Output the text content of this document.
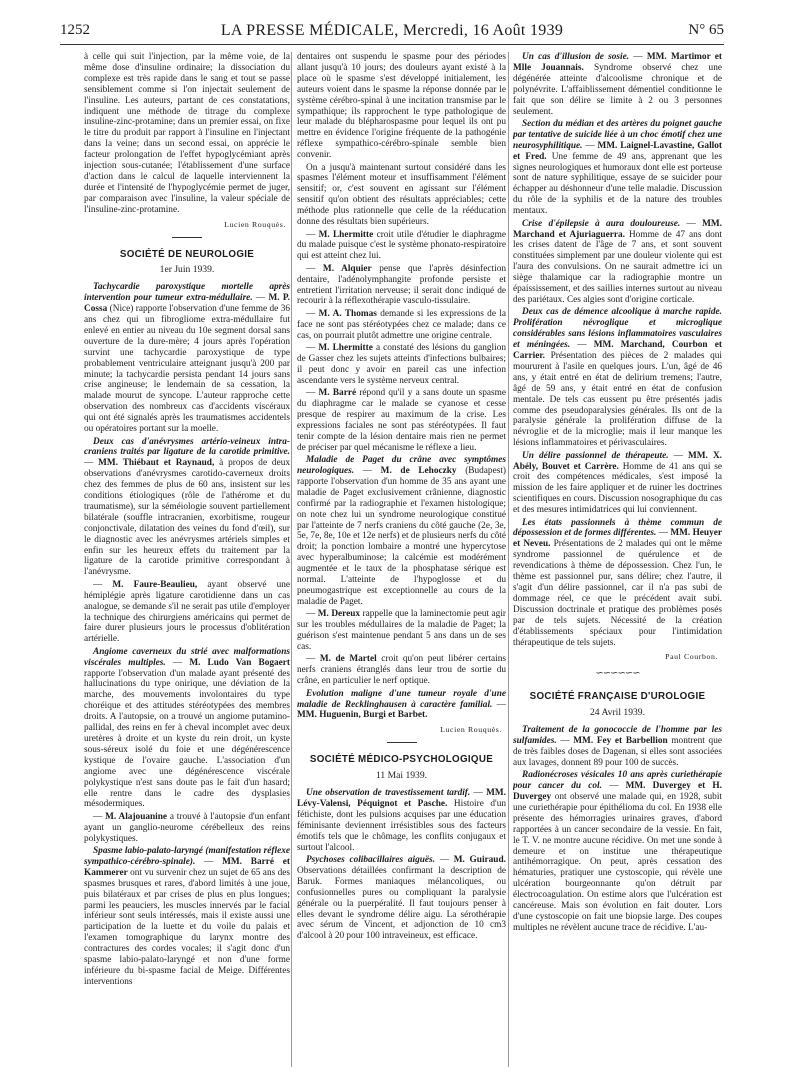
1252	LA PRESSE MÉDICALE, Mercredi, 16 Août 1939	N° 65

à celle qui suit l'injection, par la même voie, de la même dose d'insuline ordinaire; la dissociation du complexe est très rapide dans le sang et tout se passe sensiblement comme si l'on injectait seulement de l'insuline. Les auteurs, partant de ces constatations, indiquent une méthode de titrage du complexe insuline-zinc-protamine; dans un premier essai, on fixe le titre du produit par rapport à l'insuline en l'injectant dans la veine; dans un second essai, on apprécie le facteur prolongation de l'effet hypoglycémiant après injection sous-cutanée; l'établissement d'une surface d'action dans le calcul de laquelle interviennent la durée et l'intensité de l'hypoglycémie permet de juger, par comparaison avec l'insuline, la valeur spéciale de l'insuline-zinc-protamine.

Lucien Rouquès.
SOCIÉTÉ DE NEUROLOGIE
1er Juin 1939.

Tachycardie paroxystique mortelle après intervention pour tumeur extra-médullaire. — M. P. Cossa (Nice) rapporte l'observation d'une femme de 36 ans chez qui un fibrogliome extra-médullaire fut enlevé en entier au niveau du 10e segment dorsal sans ouverture de la dure-mère; 4 jours après l'opération survint une tachycardie paroxystique de type probablement ventriculaire atteignant jusqu'à 200 par minute; la tachycardie persista pendant 14 jours sans crise angineuse; le lendemain de sa cessation, la malade mourut de syncope. L'auteur rapproche cette observation des nombreux cas d'accidents viscéraux qui ont été signalés après les traumatismes accidentels ou opératoires portant sur la moelle.

Deux cas d'anévrysmes artério-veineux intra-craniens traités par ligature de la carotide primitive. — MM. Thiébaut et Raynaud, à propos de deux observations d'anévrysmes carotido-caverneux droits chez des femmes de plus de 60 ans, insistent sur les conditions étiologiques (rôle de l'athérome et du traumatisme), sur la séméiologie souvent partiellement bilatérale (souffle intracranien, exorbitisme, rougeur conjonctivale, dilatation des veines du fond d'œil), sur le diagnostic avec les anévrysmes artériels simples et enfin sur les heureux effets du traitement par la ligature de la carotide primitive correspondant à l'anévrysme.

— M. Faure-Beaulieu, ayant observé une hémiplégie après ligature carotidienne dans un cas analogue, se demande s'il ne serait pas utile d'employer la technique des chirurgiens américains qui permet de faire durer plusieurs jours le processus d'oblitération artérielle.

Angiome caverneux du strié avec malformations viscérales multiples. — M. Ludo Van Bogaert rapporte l'observation d'un malade ayant présenté des hallucinations du type onirique, une déviation de la marche, des mouvements involontaires du type choréique et des attitudes stéréotypées des membres droits. A l'autopsie, on a trouvé un angiome putamino-pallidal, des reins en fer à cheval incomplet avec deux uretères à droite et un kyste du rein droit, un kyste sous-séreux isolé du foie et une dégénérescence kystique de l'ovaire gauche. L'association d'un angiome avec une dégénérescence viscérale polykystique n'est sans doute pas le fait d'un hasard; elle rentre dans le cadre des dysplasies mésodermiques.

— M. Alajouanine a trouvé à l'autopsie d'un enfant ayant un ganglio-neurome cérébelleux des reins polykystiques.

Spasme labio-palato-laryngé (manifestation réflexe sympathico-cérébro-spinale). — MM. Barré et Kammerer ont vu survenir chez un sujet de 65 ans des spasmes brusques et rares, d'abord limités à une joue, puis bilatéraux et par crises de plus en plus longues; parmi les peauciers, les muscles innervés par le facial inférieur sont seuls intéressés, mais il existe aussi une participation de la luette et du voile du palais et l'examen tomographique du larynx montre des contractures des cordes vocales; il s'agit donc d'un spasme labio-palato-laryngé et non d'une forme inférieure du bi-spasme facial de Meige. Différentes interventions

dentaires ont suspendu le spasme pour des périodes allant jusqu'à 10 jours; des douleurs ayant existé à la place où le spasme s'est développé initialement, les auteurs voient dans le spasme la réponse donnée par le système cérébro-spinal à une incitation transmise par le sympathique; ils rapprochent le type pathologique de leur malade du blépharospasme pour lequel ils ont pu mettre en évidence l'origine fréquente de la pathogénie réflexe sympathico-cérébro-spinale semble bien convenir.

On a jusqu'à maintenant surtout considéré dans les spasmes l'élément moteur et insuffisamment l'élément sensitif; or, c'est souvent en agissant sur l'élément sensitif qu'on obtient des résultats appréciables; cette méthode plus rationnelle que celle de la rééducation donne des résultats bien supérieurs.

— M. Lhermitte croit utile d'étudier le diaphragme du malade puisque c'est le système phonato-respiratoire qui est atteint chez lui.

— M. Alquier pense que l'après désinfection dentaire, l'adénolymphangite profonde persiste et entretient l'irritation nerveuse; il serait donc indiqué de recourir à la réflexothérapie vasculo-tissulaire.

— M. A. Thomas demande si les expressions de la face ne sont pas stéréotypées chez ce malade; dans ce cas, on pourrait plutôt admettre une origine centrale.

— M. Lhermitte a constaté des lésions du ganglion de Gasser chez les sujets atteints d'infections bulbaires; il peut donc y avoir en pareil cas une infection ascendante vers le système nerveux central.

— M. Barré répond qu'il y a sans doute un spasme du diaphragme car le malade se cyanose et cesse presque de respirer au maximum de la crise. Les expressions faciales ne sont pas stéréotypées. Il faut tenir compte de la lésion dentaire mais rien ne permet de préciser par quel mécanisme le réflexe a lieu.

Maladie de Paget du crâne avec symptômes neurologiques. — M. de Lehoczky (Budapest) rapporte l'observation d'un homme de 35 ans ayant une maladie de Paget exclusivement crânienne, diagnostic confirmé par la radiographie et l'examen histologique; on note chez lui un syndrome neurologique constitué par l'atteinte de 7 nerfs craniens du côté gauche (2e, 3e, 5e, 7e, 8e, 10e et 12e nerfs) et de plusieurs nerfs du côté droit; la ponction lombaire a montré une hypercytose avec hyperalbuminose; la calcémie est modérément augmentée et le taux de la phosphatase sérique est normal. L'atteinte de l'hypoglosse et du pneumogastrique est exceptionnelle au cours de la maladie de Paget.

— M. Dereux rappelle que la laminectomie peut agir sur les troubles médullaires de la maladie de Paget; la guérison s'est maintenue pendant 5 ans dans un de ses cas.

— M. de Martel croit qu'on peut libérer certains nerfs craniens étranglés dans leur trou de sortie du crâne, en particulier le nerf optique.

Evolution maligne d'une tumeur royale d'une maladie de Recklinghausen à caractère familial. — MM. Huguenin, Burgi et Barbet.

Lucien Rouquès.
SOCIÉTÉ MÉDICO-PSYCHOLOGIQUE
11 Mai 1939.

Une observation de travestissement tardif. — MM. Lévy-Valensi, Péquignot et Pasche. Histoire d'un fétichiste, dont les pulsions acquises par une éducation féminisante deviennent irrésistibles sous des facteurs émotifs tels que le chômage, les conflits conjugaux et surtout l'alcool.

Psychoses colibacillaires aiguës. — M. Guiraud. Observations détaillées confirmant la description de Baruk. Formes maniaques mélancoliques, ou confusionnelles pures ou compliquant la paralysie générale ou la puerpéralité. Il faut toujours penser à elles devant le syndrome délire aigu. La sérothérapie avec sérum de Vincent, et adjonction de 10 cm3 d'alcool à 20 pour 100 intraveineux, est efficace.

Un cas d'illusion de sosie. — MM. Martimor et Mlle Jouannais. Syndrome observé chez une dégénérée atteinte d'alcoolisme chronique et de polynévrite. L'affaiblissement démentiel conditionne le fait que son délire se limite à 2 ou 3 personnes seulement.

Section du médian et des artères du poignet gauche par tentative de suicide liée à un choc émotif chez une neurosyphilitique. — MM. Laignel-Lavastine, Gallot et Fred. Une femme de 49 ans, apprenant que les signes neurologiques et humoraux dont elle est porteuse sont de nature syphilitique, essaye de se suicider pour échapper au déshonneur d'une telle maladie. Discussion du rôle de la syphilis et de la nature des troubles mentaux.

Crise d'épilepsie à aura douloureuse. — MM. Marchand et Ajuriaguerra. Homme de 47 ans dont les crises datent de l'âge de 7 ans, et sont souvent constituées simplement par une douleur violente qui est l'aura des convulsions. On ne saurait admettre ici un siège thalamique car la radiographie montre un épaississement, et des saillies internes surtout au niveau des pariétaux. Ces algies sont d'origine corticale.

Deux cas de démence alcoolique à marche rapide. Prolifération névroglique et microglique considérables sans lésions inflammatoires vasculaires et méningées. — MM. Marchand, Courbon et Carrier. Présentation des pièces de 2 malades qui moururent à l'asile en quelques jours. L'un, âgé de 46 ans, y était entré en état de delirium tremens; l'autre, âgé de 59 ans, y était entré en état de confusion mentale. De tels cas eussent pu être présentés jadis comme des pseudoparalysies générales. Ils ont de la paralysie générale la prolifération diffuse de la névroglie et de la microglie; mais il leur manque les lésions inflammatoires et périvasculaires.

Un délire passionnel de thérapeute. — MM. X. Abély, Bouvet et Carrère. Homme de 41 ans qui se croit des compétences médicales, s'est imposé la mission de les faire appliquer et de ruiner les doctrines scientifiques en cours. Discussion nosographique du cas et des mesures intimidatrices qui lui conviennent.

Les états passionnels à thème commun de dépossession et de formes différentes. — MM. Heuyer et Neveu. Présentations de 2 malades qui ont le même syndrome passionnel de quérulence et de revendications à thème de dépossession. Chez l'un, le thème est passionnel pur, sans délire; chez l'autre, il s'agit d'un délire passionnel, car il n'a pas subi de dommage réel, ce que le précédent avait subi. Discussion doctrinale et pratique des problèmes posés par de tels sujets. Nécessité de la création d'établissements spéciaux pour l'intimidation thérapeutique de tels sujets.

Paul Courbon.
∽∽∽∽∽∽
SOCIÉTÉ FRANÇAISE D'UROLOGIE
24 Avril 1939.

Traitement de la gonococcie de l'homme par les sulfamides. — MM. Fey et Barbellion montrent que de très faibles doses de Dagenan, si elles sont associées aux lavages, donnent 89 pour 100 de succès.

Radionécroses vésicales 10 ans après curiethérapie pour cancer du col. — MM. Duvergey et H. Duvergey ont observé une malade qui, en 1928, subit une curiethérapie pour épithélioma du col. En 1938 elle présente des hémorragies urinaires graves, d'abord rapportées à un cancer secondaire de la vessie. En fait, le T. V. ne montre aucune récidive. On met une sonde à demeure et on institue une thérapeutique antihémorragique. On peut, après cessation des hématuries, pratiquer une cystoscopie, qui révèle une ulcération bourgeonnante qu'on détruit par électrocoagulation. On estime alors que l'ulcération est cancéreuse. Mais son évolution en fait douter. Lors d'une cystoscopie on fait une biopsie large. Des coupes multiples ne révèlent aucune trace de récidive. L'au-
